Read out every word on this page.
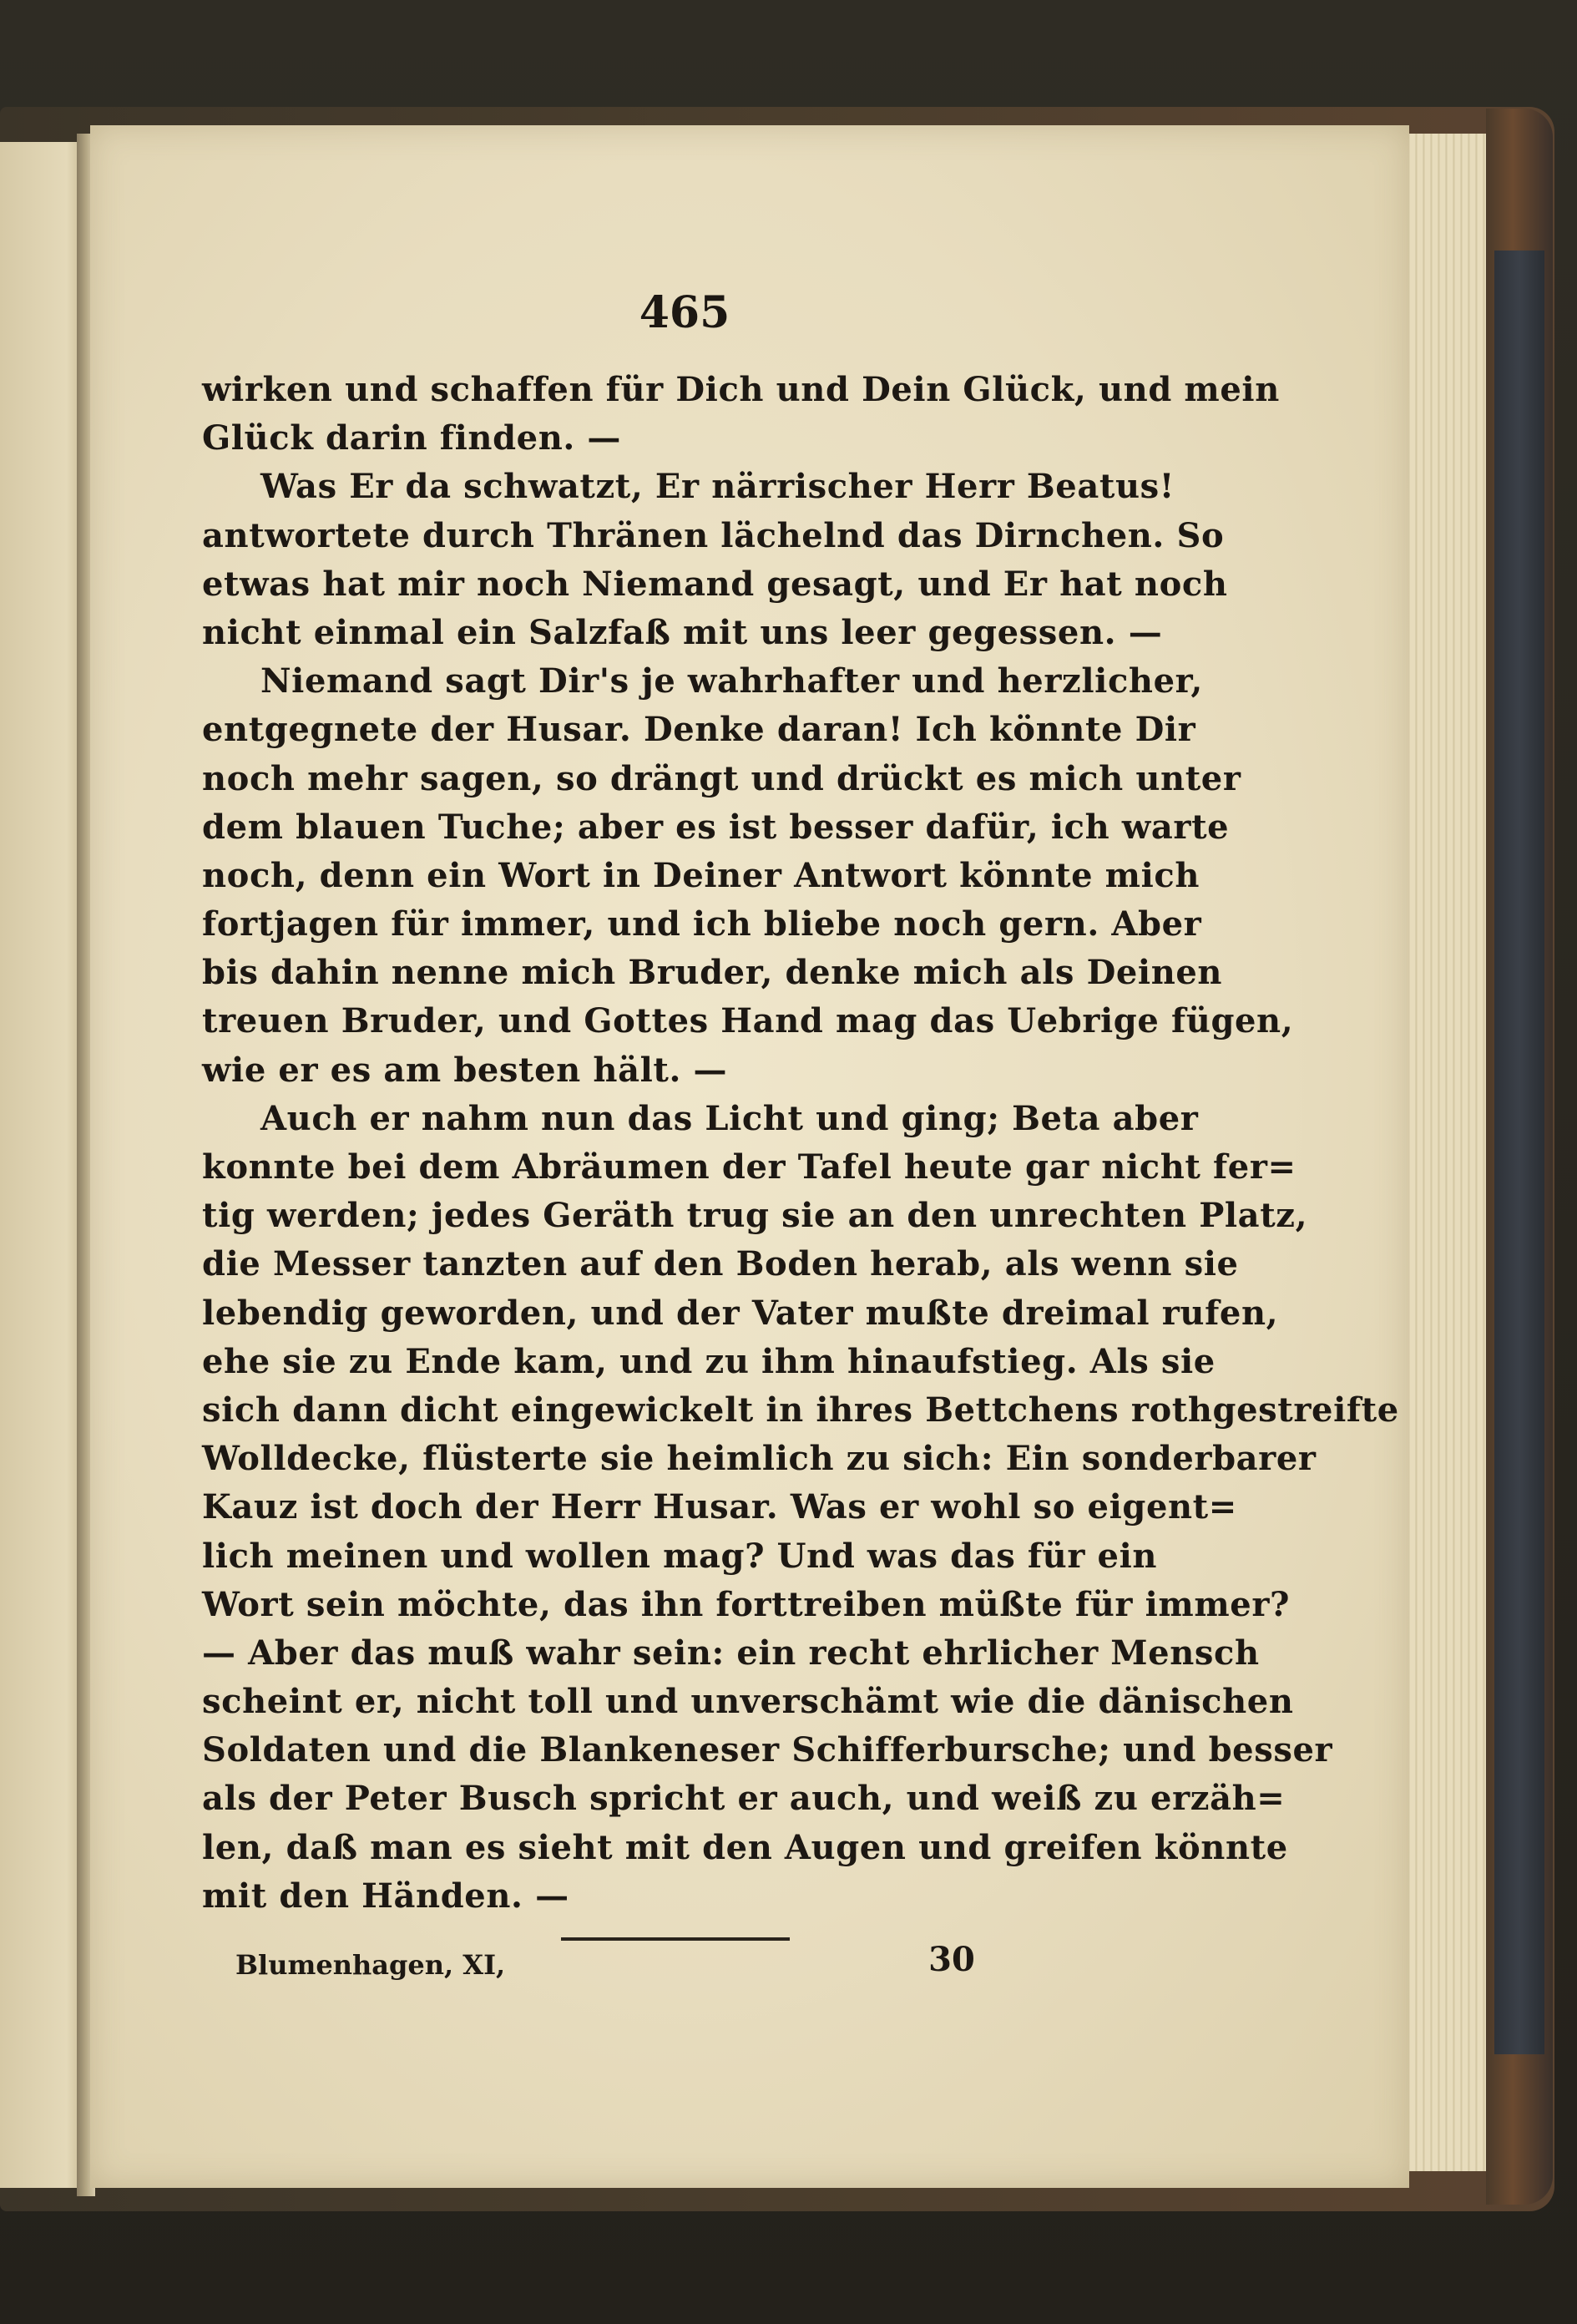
465
wirken und schaffen für Dich und Dein Glück, und mein
Glück darin finden. —
Was Er da schwatzt, Er närrischer Herr Beatus!
antwortete durch Thränen lächelnd das Dirnchen. So
etwas hat mir noch Niemand gesagt, und Er hat noch
nicht einmal ein Salzfaß mit uns leer gegessen. —
Niemand sagt Dir's je wahrhafter und herzlicher,
entgegnete der Husar. Denke daran! Ich könnte Dir
noch mehr sagen, so drängt und drückt es mich unter
dem blauen Tuche; aber es ist besser dafür, ich warte
noch, denn ein Wort in Deiner Antwort könnte mich
fortjagen für immer, und ich bliebe noch gern. Aber
bis dahin nenne mich Bruder, denke mich als Deinen
treuen Bruder, und Gottes Hand mag das Uebrige fügen,
wie er es am besten hält. —
Auch er nahm nun das Licht und ging; Beta aber
konnte bei dem Abräumen der Tafel heute gar nicht fer=
tig werden; jedes Geräth trug sie an den unrechten Platz,
die Messer tanzten auf den Boden herab, als wenn sie
lebendig geworden, und der Vater mußte dreimal rufen,
ehe sie zu Ende kam, und zu ihm hinaufstieg. Als sie
sich dann dicht eingewickelt in ihres Bettchens rothgestreifte
Wolldecke, flüsterte sie heimlich zu sich: Ein sonderbarer
Kauz ist doch der Herr Husar. Was er wohl so eigent=
lich meinen und wollen mag? Und was das für ein
Wort sein möchte, das ihn forttreiben müßte für immer?
— Aber das muß wahr sein: ein recht ehrlicher Mensch
scheint er, nicht toll und unverschämt wie die dänischen
Soldaten und die Blankeneser Schifferbursche; und besser
als der Peter Busch spricht er auch, und weiß zu erzäh=
len, daß man es sieht mit den Augen und greifen könnte
mit den Händen. —
Blumenhagen, XI,	30
